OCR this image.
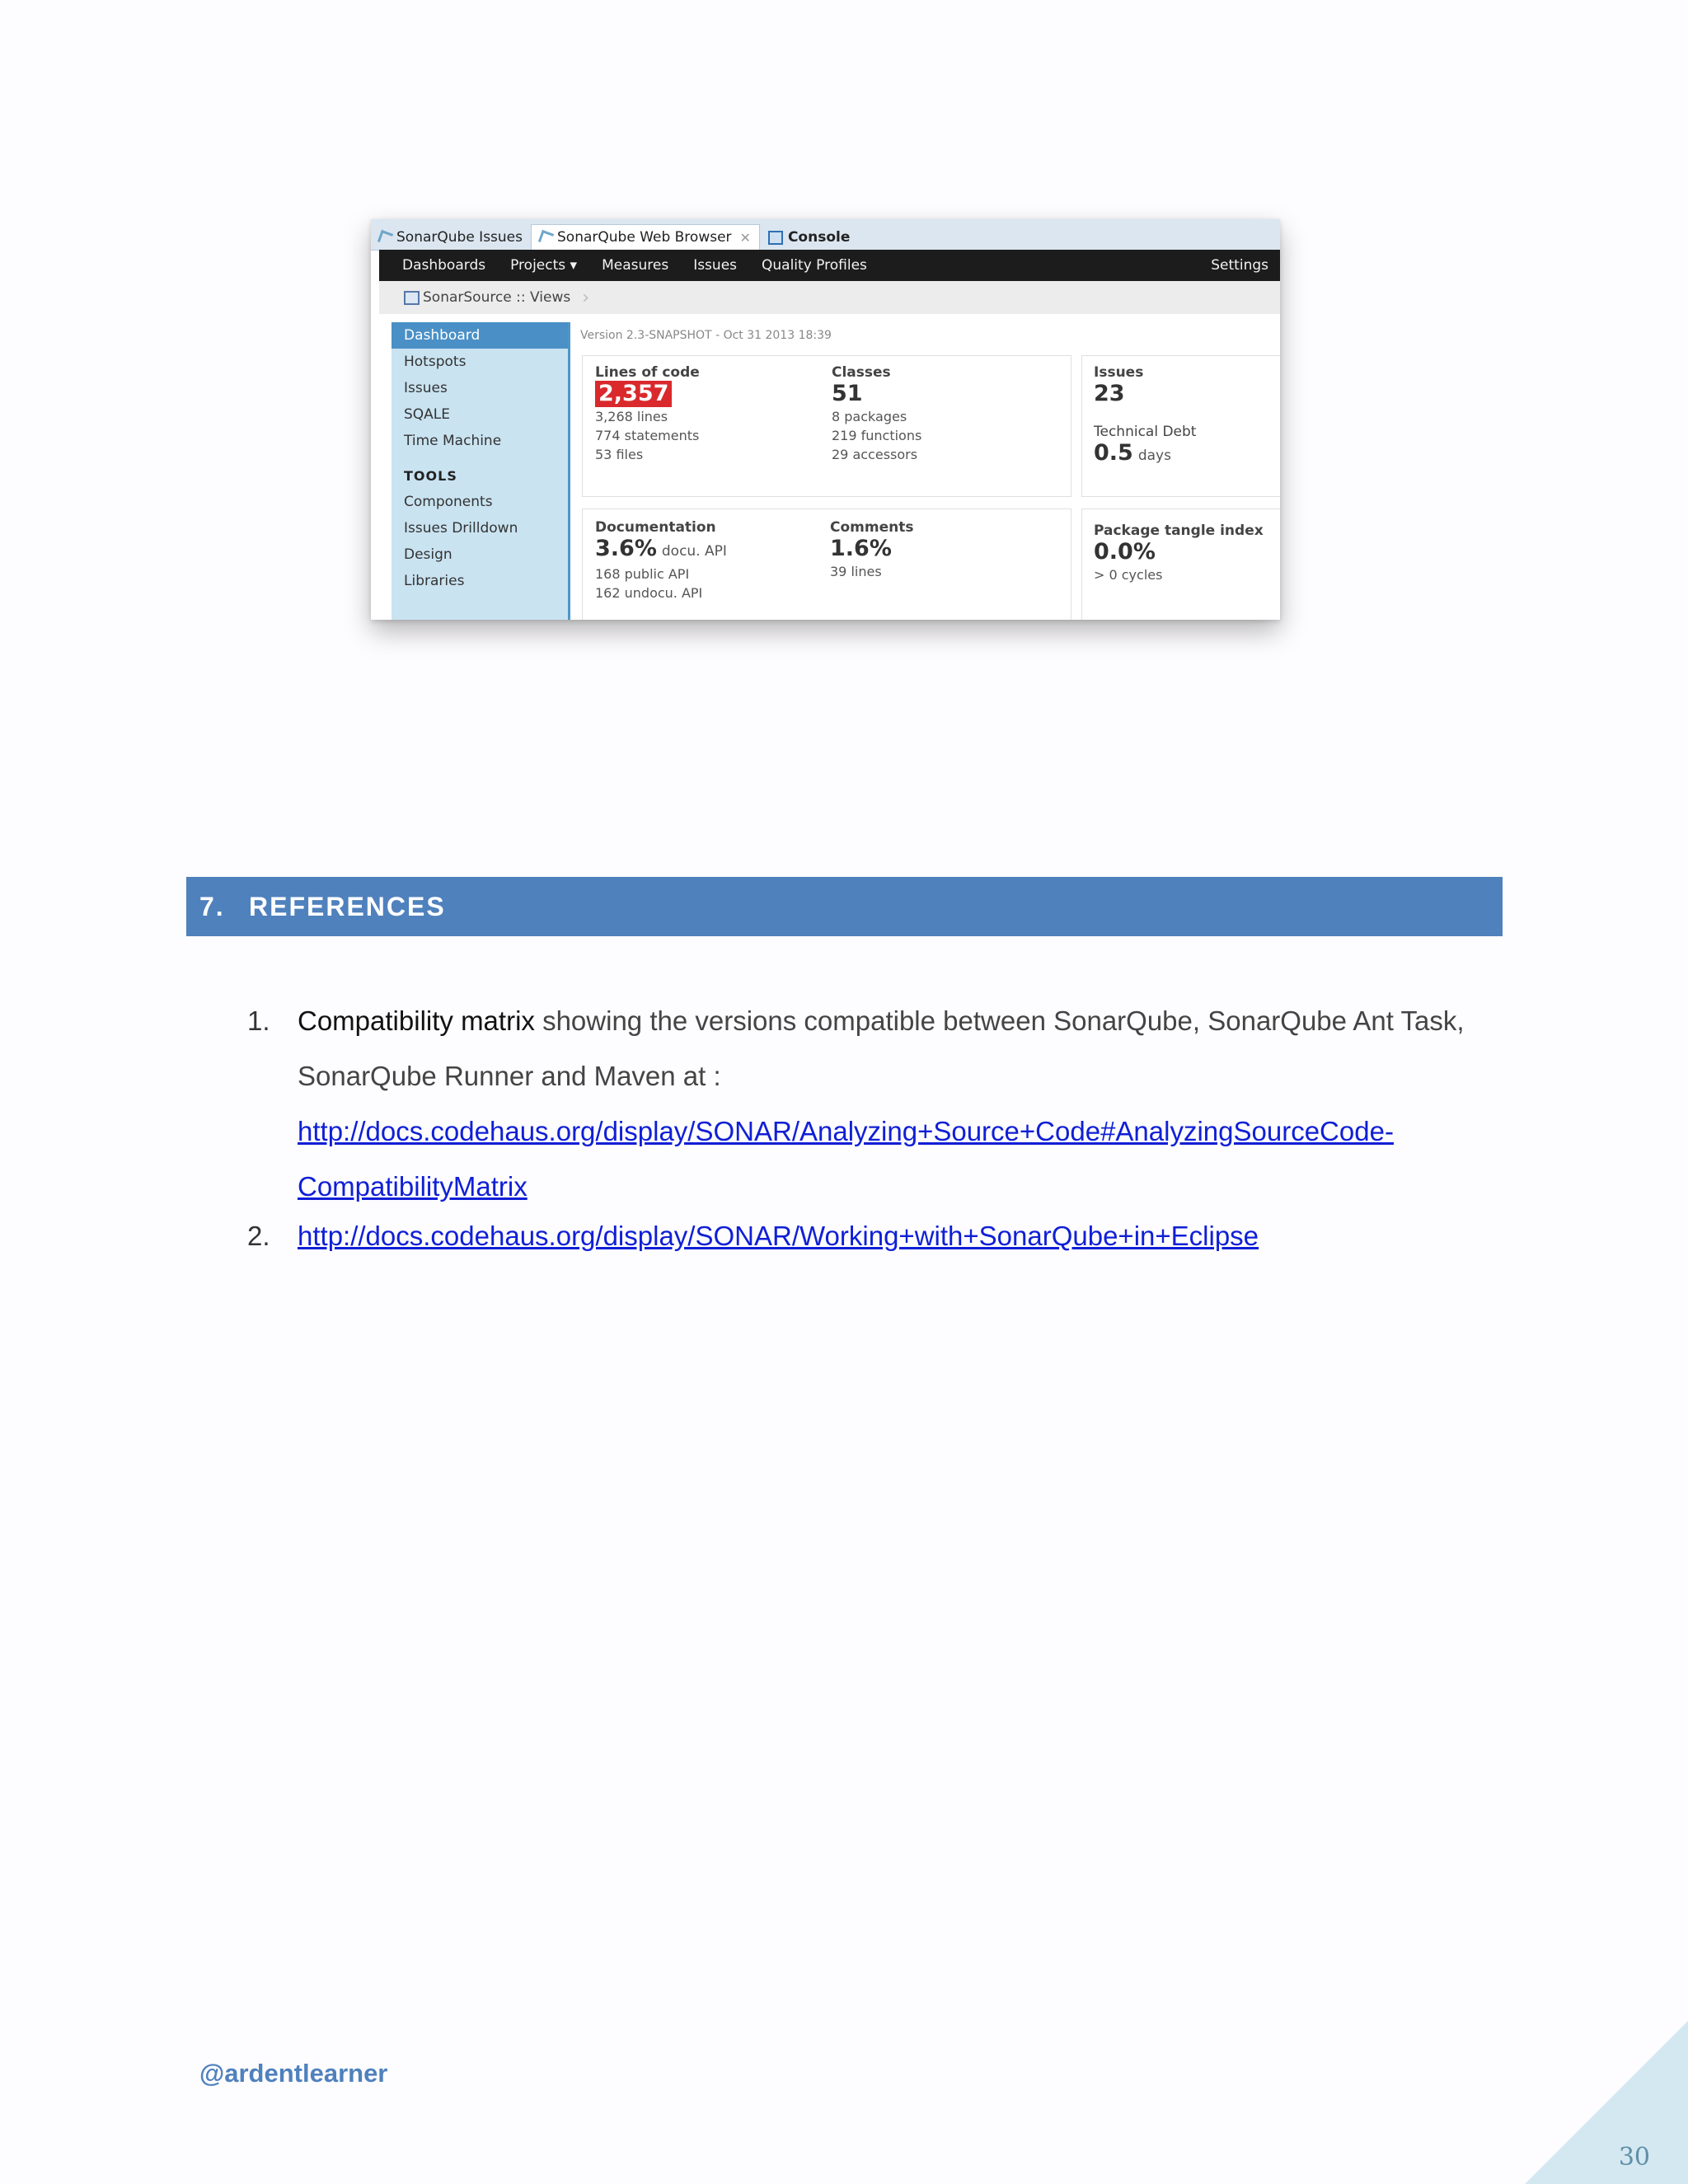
SonarQube Issues SonarQube Web Browser ✕	Console
Dashboards Projects ▾ Measures Issues Quality Profiles	Settings
SonarSource :: Views ›
Dashboard
Hotspots
Issues
SQALE
Time Machine
TOOLS
Components
Issues Drilldown
Design
Libraries
Version 2.3-SNAPSHOT - Oct 31 2013 18:39
Lines of code
2,357
3,268 lines
774 statements
53 files
Classes
51
8 packages
219 functions
29 accessors
Issues
23
Technical Debt
0.5 days
Documentation
3.6% docu. API
168 public API
162 undocu. API
Comments
1.6%
39 lines
Package tangle index
0.0%
> 0 cycles
7. REFERENCES
1.	Compatibility matrix showing the versions compatible between SonarQube, SonarQube Ant Task, SonarQube Runner and Maven at :
http://docs.codehaus.org/display/SONAR/Analyzing+Source+Code#AnalyzingSourceCode-
CompatibilityMatrix
2.	http://docs.codehaus.org/display/SONAR/Working+with+SonarQube+in+Eclipse
@ardentlearner
30
